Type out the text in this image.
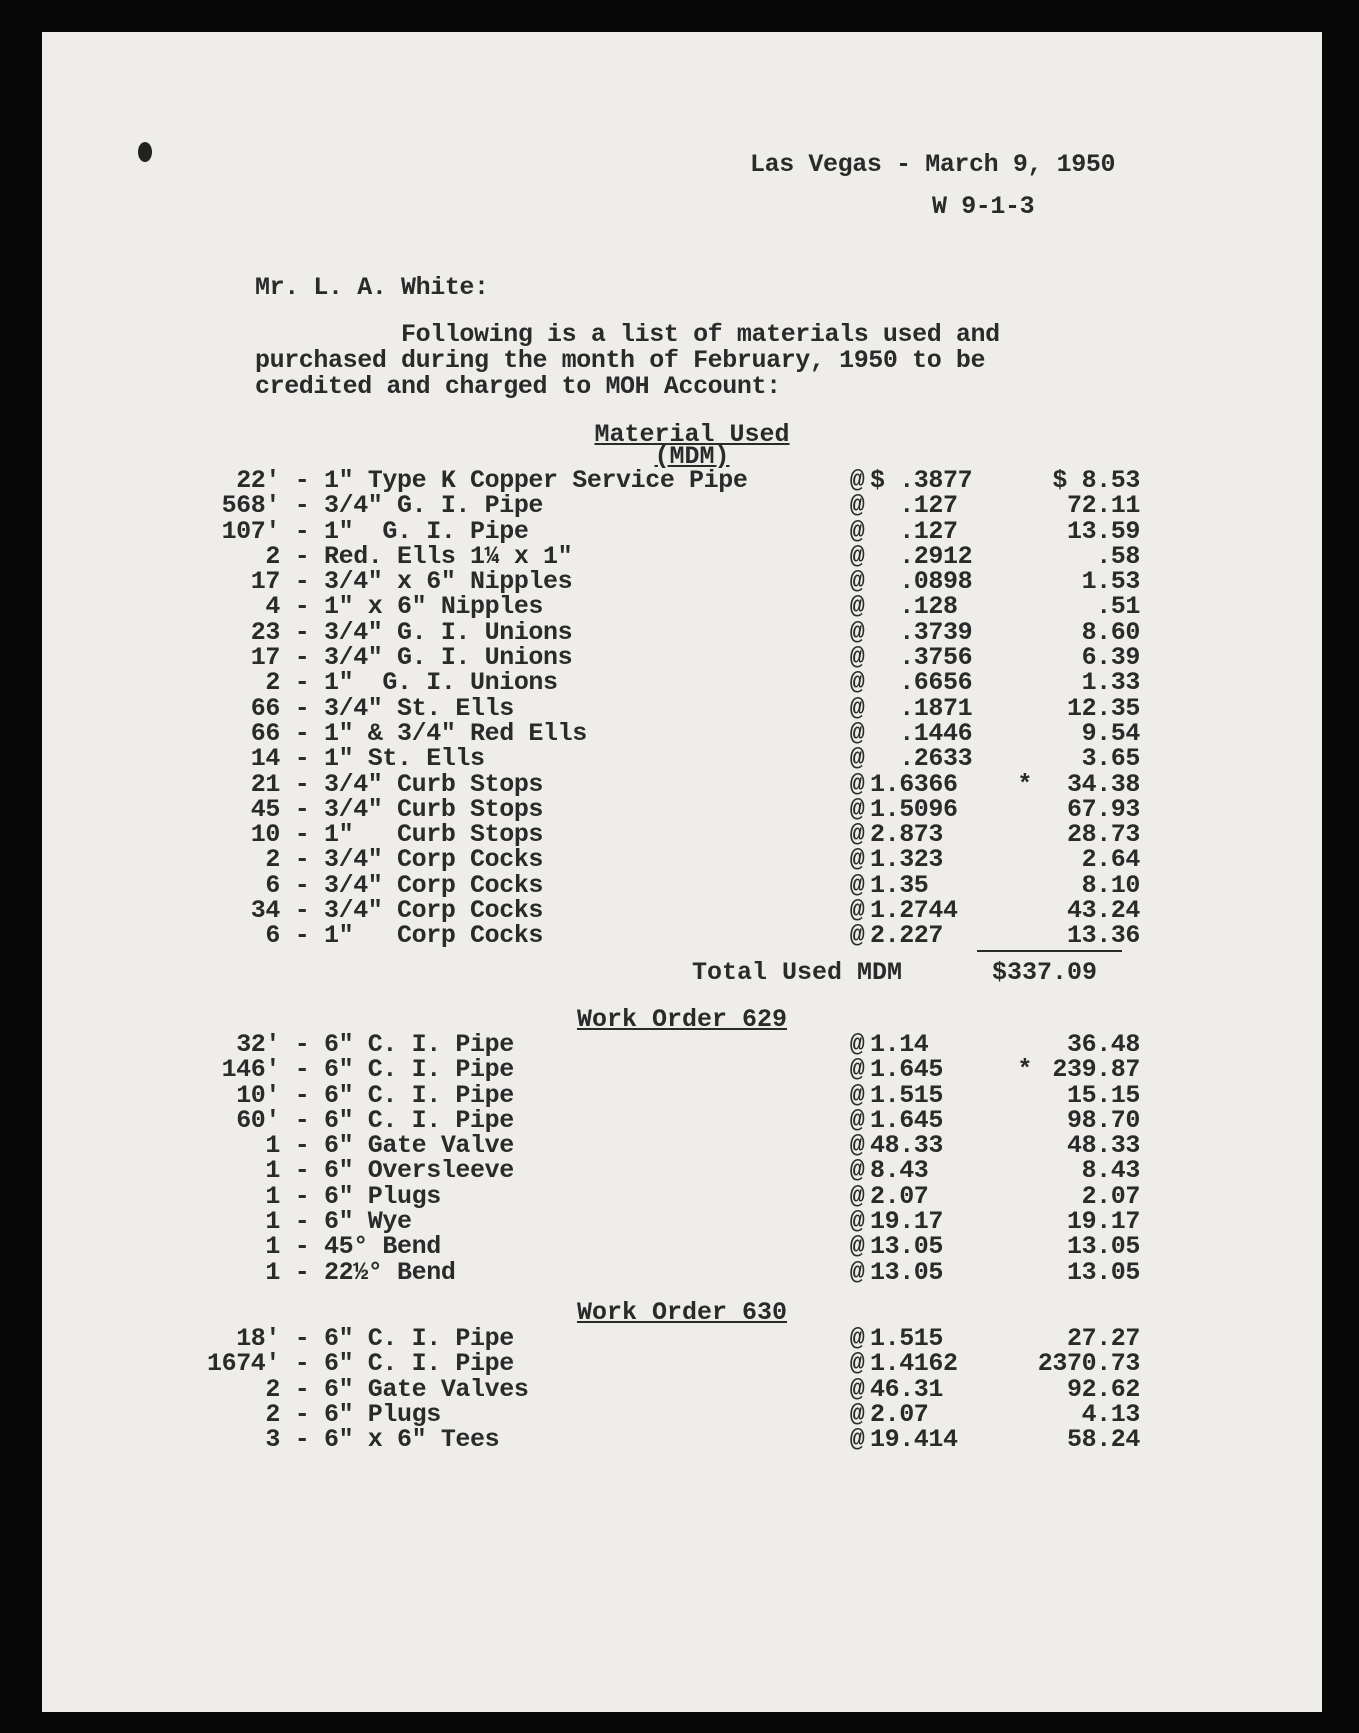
Las Vegas - March 9, 1950
W 9-1-3
Mr. L. A. White:
Following is a list of materials used and
purchased during the month of February, 1950 to be
credited and charged to MOH Account:
Material Used
(MDM)
22'	-	1" Type K Copper Service Pipe	@	$ .3877		$ 8.53
568'	-	3/4" G. I. Pipe	@	.127		72.11
107'	-	1"  G. I. Pipe	@	.127		13.59
2	-	Red. Ells 1¼ x 1"	@	.2912		.58
17	-	3/4" x 6" Nipples	@	.0898		1.53
4	-	1" x 6" Nipples	@	.128		.51
23	-	3/4" G. I. Unions	@	.3739		8.60
17	-	3/4" G. I. Unions	@	.3756		6.39
2	-	1"  G. I. Unions	@	.6656		1.33
66	-	3/4" St. Ells	@	.1871		12.35
66	-	1" & 3/4" Red Ells	@	.1446		9.54
14	-	1" St. Ells	@	.2633		3.65
21	-	3/4" Curb Stops	@	1.6366	*	34.38
45	-	3/4" Curb Stops	@	1.5096		67.93
10	-	1"   Curb Stops	@	2.873		28.73
2	-	3/4" Corp Cocks	@	1.323		2.64
6	-	3/4" Corp Cocks	@	1.35		8.10
34	-	3/4" Corp Cocks	@	1.2744		43.24
6	-	1"   Corp Cocks	@	2.227		13.36
Total Used MDM	$337.09
Work Order 629
32'	-	6" C. I. Pipe	@	1.14		36.48
146'	-	6" C. I. Pipe	@	1.645	*	239.87
10'	-	6" C. I. Pipe	@	1.515		15.15
60'	-	6" C. I. Pipe	@	1.645		98.70
1	-	6" Gate Valve	@	48.33		48.33
1	-	6" Oversleeve	@	8.43		8.43
1	-	6" Plugs	@	2.07		2.07
1	-	6" Wye	@	19.17		19.17
1	-	45° Bend	@	13.05		13.05
1	-	22½° Bend	@	13.05		13.05
Work Order 630
18'	-	6" C. I. Pipe	@	1.515		27.27
1674'	-	6" C. I. Pipe	@	1.4162		2370.73
2	-	6" Gate Valves	@	46.31		92.62
2	-	6" Plugs	@	2.07		4.13
3	-	6" x 6" Tees	@	19.414		58.24
